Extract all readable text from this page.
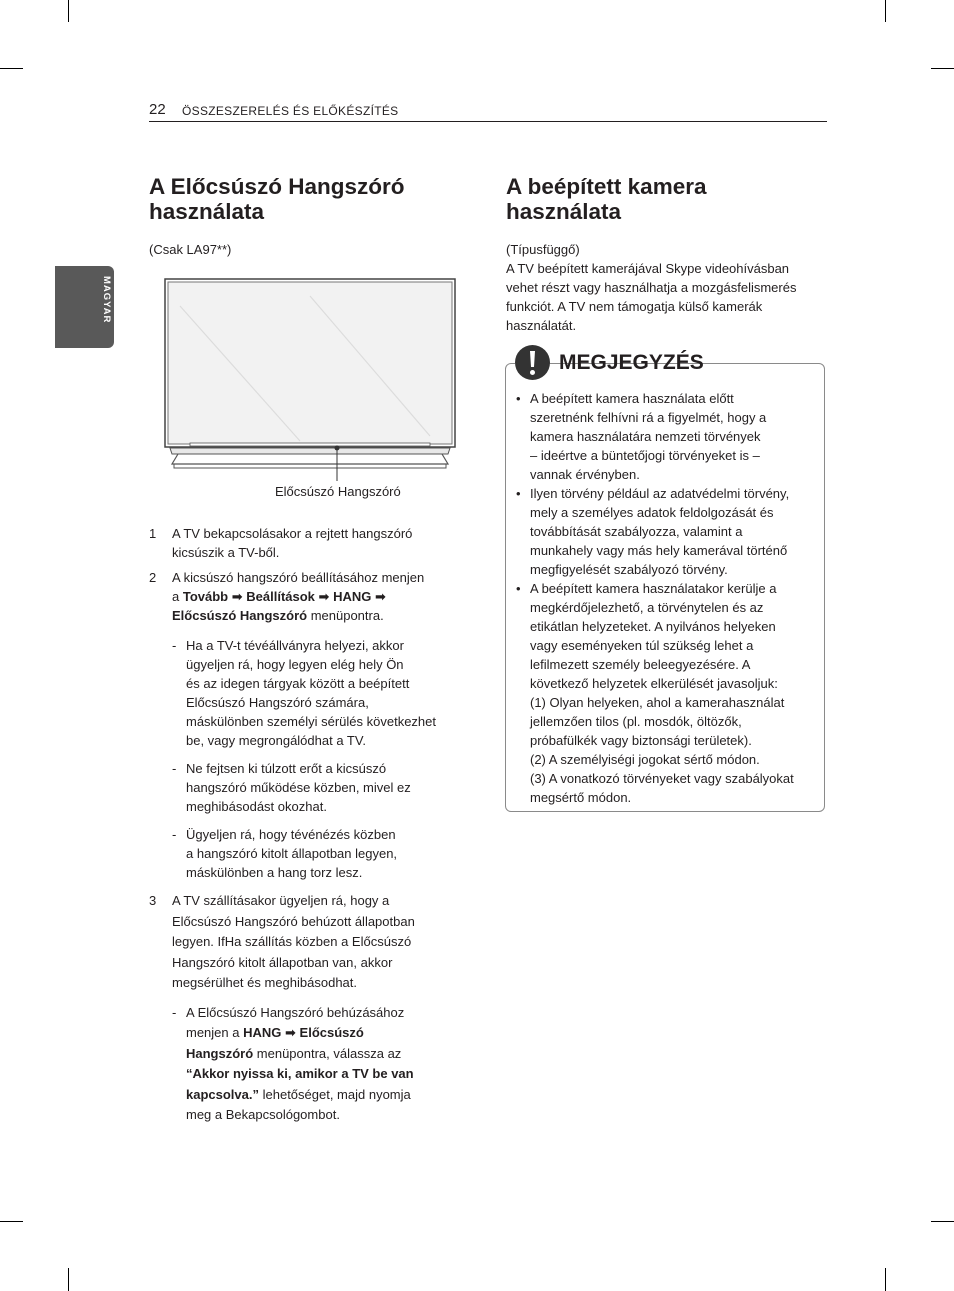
22 ÖSSZESZERELÉS ÉS ELŐKÉSZÍTÉS
MAGYAR
A Előcsúszó Hangszóró
használata
(Csak LA97**)
Előcsúszó Hangszóró
1 A TV bekapcsolásakor a rejtett hangszóró
kicsúszik a TV-ből.
2 A kicsúszó hangszóró beállításához menjen
a Tovább ➡ Beállítások ➡ HANG ➡
Előcsúszó Hangszóró menüpontra.
- Ha a TV-t tévéállványra helyezi, akkor
ügyeljen rá, hogy legyen elég hely Ön
és az idegen tárgyak között a beépített
Előcsúszó Hangszóró számára,
máskülönben személyi sérülés következhet
be, vagy megrongálódhat a TV.
- Ne fejtsen ki túlzott erőt a kicsúszó
hangszóró működése közben, mivel ez
meghibásodást okozhat.
- Ügyeljen rá, hogy tévénézés közben
a hangszóró kitolt állapotban legyen,
máskülönben a hang torz lesz.
3 A TV szállításakor ügyeljen rá, hogy a
Előcsúszó Hangszóró behúzott állapotban
legyen. IfHa szállítás közben a Előcsúszó
Hangszóró kitolt állapotban van, akkor
megsérülhet és meghibásodhat.
- A Előcsúszó Hangszóró behúzásához
menjen a HANG ➡ Előcsúszó
Hangszóró menüpontra, válassza az
“Akkor nyissa ki, amikor a TV be van
kapcsolva.” lehetőséget, majd nyomja
meg a Bekapcsológombot.
A beépített kamera
használata
(Típusfüggő)
A TV beépített kamerájával Skype videohívásban
vehet részt vagy használhatja a mozgásfelismerés
funkciót. A TV nem támogatja külső kamerák
használatát.
MEGJEGYZÉS
• A beépített kamera használata előtt
szeretnénk felhívni rá a figyelmét, hogy a
kamera használatára nemzeti törvények
– ideértve a büntetőjogi törvényeket is –
vannak érvényben.
• Ilyen törvény például az adatvédelmi törvény,
mely a személyes adatok feldolgozását és
továbbítását szabályozza, valamint a
munkahely vagy más hely kamerával történő
megfigyelését szabályozó törvény.
• A beépített kamera használatakor kerülje a
megkérdőjelezhető, a törvénytelen és az
etikátlan helyzeteket. A nyilvános helyeken
vagy eseményeken túl szükség lehet a
lefilmezett személy beleegyezésére. A
következő helyzetek elkerülését javasoljuk:
(1) Olyan helyeken, ahol a kamerahasználat
jellemzően tilos (pl. mosdók, öltözők,
próbafülkék vagy biztonsági területek).
(2) A személyiségi jogokat sértő módon.
(3) A vonatkozó törvényeket vagy szabályokat
megsértő módon.
